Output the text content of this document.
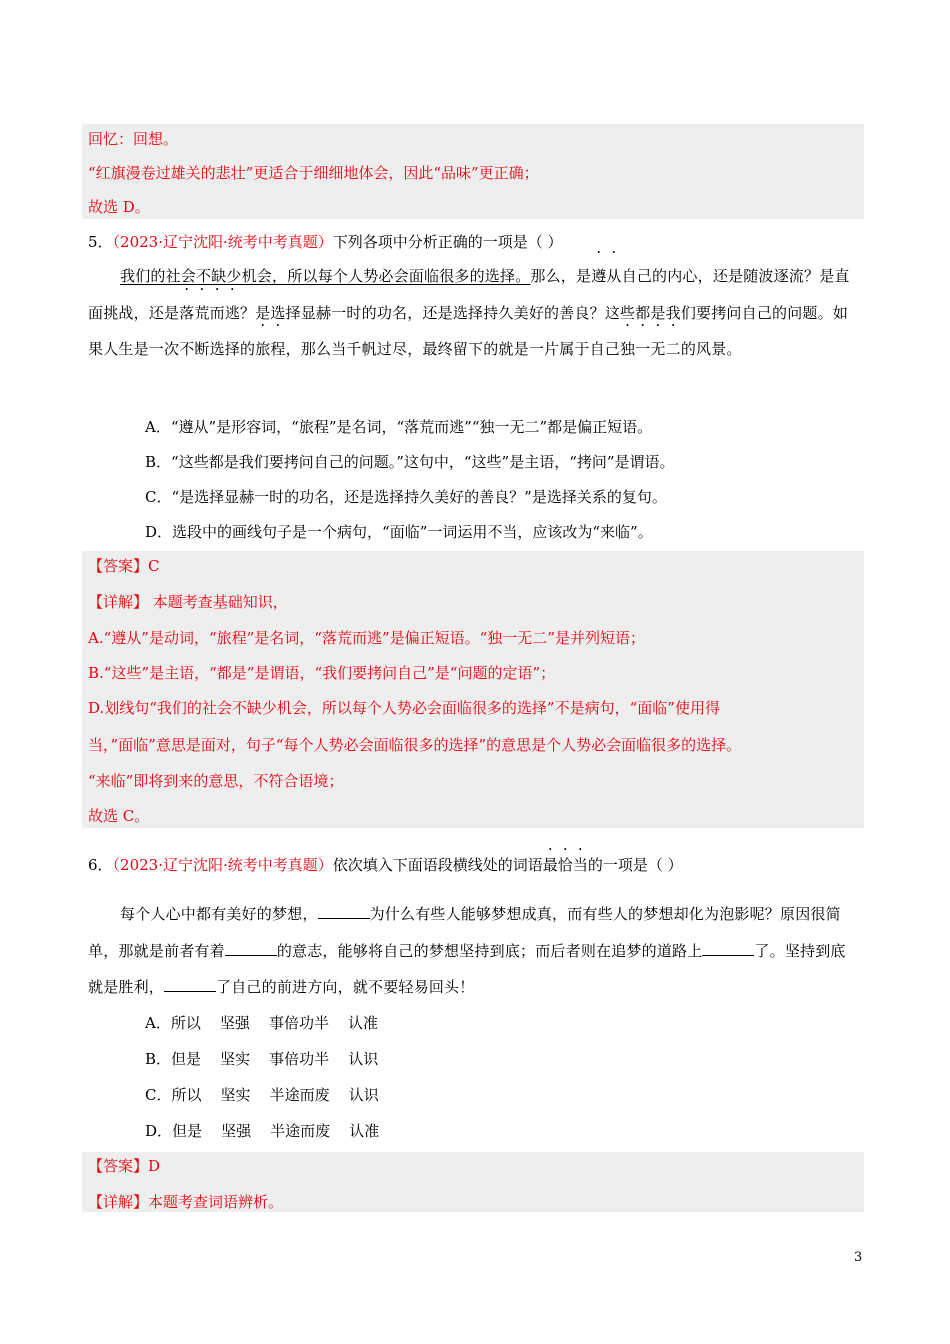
回忆：回想。
“红旗漫卷过雄关的悲壮”更适合于细细地体会，因此“品味”更正确；
故选 D。
5．（2023·辽宁沈阳·统考中考真题）下列各项中分析正确的一项是（ ）
我们的社会不缺少机会，所以每个人势必会面临很多的选择。那么，是遵从自己的内心，还是随波逐流？是直面挑战，还是落荒而逃？是选择显赫一时的功名，还是选择持久美好的善良？这些都是我们要拷问自己的问题。如果人生是一次不断选择的旅程，那么当千帆过尽，最终留下的就是一片属于自己独一无二的风景。
A．“遵从”是形容词，“旅程”是名词，“落荒而逃”“独一无二”都是偏正短语。
B．“这些都是我们要拷问自己的问题。”这句中，“这些”是主语，“拷问”是谓语。
C．“是选择显赫一时的功名，还是选择持久美好的善良？”是选择关系的复句。
D．选段中的画线句子是一个病句，“面临”一词运用不当，应该改为“来临”。
【答案】C
【详解】 本题考查基础知识，
A.“遵从”是动词，“旅程”是名词，“落荒而逃”是偏正短语。“独一无二”是并列短语；
B.“这些”是主语，“都是”是谓语，“我们要拷问自己”是“问题的定语”；
D.划线句“我们的社会不缺少机会，所以每个人势必会面临很多的选择”不是病句，“面临”使用得
当，”面临”意思是面对，句子“每个人势必会面临很多的选择”的意思是个人势必会面临很多的选择。
“来临”即将到来的意思，不符合语境；
故选 C。
6．（2023·辽宁沈阳·统考中考真题）依次填入下面语段横线处的词语最恰当的一项是（ ）
每个人心中都有美好的梦想，	为什么有些人能够梦想成真，而有些人的梦想却化为泡影呢？原因很简单，那就是前者有着	的意志，能够将自己的梦想坚持到底；而后者则在追梦的道路上	了。坚持到底就是胜利，	了自己的前进方向，就不要轻易回头！
A．所以    坚强    事倍功半    认准
B．但是    坚实    事倍功半    认识
C．所以    坚实    半途而废    认识
D．但是    坚强    半途而废    认准
【答案】D
【详解】本题考查词语辨析。
3
